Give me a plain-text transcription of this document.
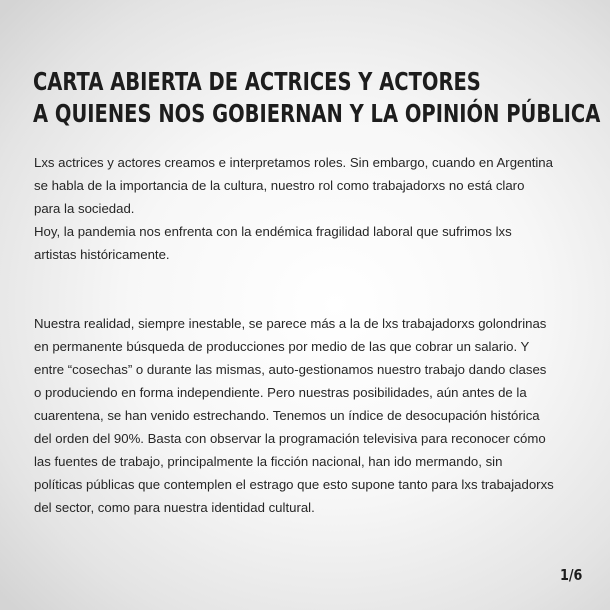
CARTA ABIERTA DE ACTRICES Y ACTORES
A QUIENES NOS GOBIERNAN Y LA OPINIÓN PÚBLICA

Lxs actrices y actores creamos e interpretamos roles. Sin embargo, cuando en Argentina
se habla de la importancia de la cultura, nuestro rol como trabajadorxs no está claro
para la sociedad.

Hoy, la pandemia nos enfrenta con la endémica fragilidad laboral que sufrimos lxs
artistas históricamente.

Nuestra realidad, siempre inestable, se parece más a la de lxs trabajadorxs golondrinas
en permanente búsqueda de producciones por medio de las que cobrar un salario. Y
entre “cosechas” o durante las mismas, auto-gestionamos nuestro trabajo dando clases
o produciendo en forma independiente. Pero nuestras posibilidades, aún antes de la
cuarentena, se han venido estrechando. Tenemos un índice de desocupación histórica
del orden del 90%. Basta con observar la programación televisiva para reconocer cómo
las fuentes de trabajo, principalmente la ficción nacional, han ido mermando, sin
políticas públicas que contemplen el estrago que esto supone tanto para lxs trabajadorxs
del sector, como para nuestra identidad cultural.

1/6
